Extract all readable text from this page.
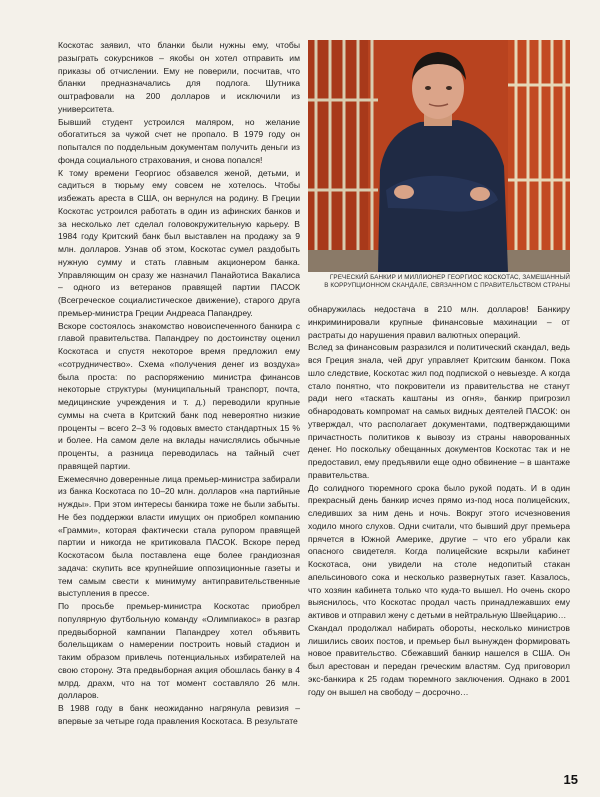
Коскотас заявил, что бланки были нужны ему, чтобы разыграть сокурсников – якобы он хотел отправить им приказы об отчислении. Ему не поверили, посчитав, что бланки предназначались для подлога. Шутника оштрафовали на 200 долларов и исключили из университета.

Бывший студент устроился маляром, но желание обогатиться за чужой счет не пропало. В 1979 году он попытался по поддельным документам получить деньги из фонда социального страхования, и снова попался!

К тому времени Георгиос обзавелся женой, детьми, и садиться в тюрьму ему совсем не хотелось. Чтобы избежать ареста в США, он вернулся на родину. В Греции Коскотас устроился работать в один из афинских банков и за несколько лет сделал головокружительную карьеру. В 1984 году Критский банк был выставлен на продажу за 9 млн. долларов. Узнав об этом, Коскотас сумел раздобыть нужную сумму и стать главным акционером банка. Управляющим он сразу же назначил Панайотиса Вакалиса – одного из ветеранов правящей партии ПАСОК (Всегреческое социалистическое движение), старого друга премьер-министра Греции Андреаса Папандреу.

Вскоре состоялось знакомство новоиспеченного банкира с главой правительства. Папандреу по достоинству оценил Коскотаса и спустя некоторое время предложил ему «сотрудничество». Схема «получения денег из воздуха» была проста: по распоряжению министра финансов некоторые структуры (муниципальный транспорт, почта, медицинские учреждения и т. д.) переводили крупные суммы на счета в Критский банк под невероятно низкие проценты – всего 2–3 % годовых вместо стандартных 15 % и более. На самом деле на вклады начислялись обычные проценты, а разница переводилась на тайный счет правящей партии.

Ежемесячно доверенные лица премьер-министра забирали из банка Коскотаса по 10–20 млн. долларов «на партийные нужды». При этом интересы банкира тоже не были забыты. Не без поддержки власти имущих он приобрел компанию «Грамми», которая фактически стала рупором правящей партии и никогда не критиковала ПАСОК. Вскоре перед Коскотасом была поставлена еще более грандиозная задача: скупить все крупнейшие оппозиционные газеты и тем самым свести к минимуму антиправительственные выступления в прессе.

По просьбе премьер-министра Коскотас приобрел популярную футбольную команду «Олимпиакос» в разгар предвыборной кампании Папандреу хотел объявить болельщикам о намерении построить новый стадион и таким образом привлечь потенциальных избирателей на свою сторону. Эта предвыборная акция обошлась банку в 4 млрд. драхм, что на тот момент составляло 26 млн. долларов.

В 1988 году в банк неожиданно нагрянула ревизия – впервые за четыре года правления Коскотаса. В результате

ГРЕЧЕСКИЙ БАНКИР И МИЛЛИОНЕР ГЕОРГИОС КОСКОТАС, ЗАМЕШАННЫЙ
В КОРРУПЦИОННОМ СКАНДАЛЕ, СВЯЗАННОМ С ПРАВИТЕЛЬСТВОМ СТРАНЫ

обнаружилась недостача в 210 млн. долларов! Банкиру инкриминировали крупные финансовые махинации – от растраты до нарушения правил валютных операций.

Вслед за финансовым разразился и политический скандал, ведь вся Греция знала, чей друг управляет Критским банком. Пока шло следствие, Коскотас жил под подпиской о невыезде. А когда стало понятно, что покровители из правительства не станут ради него «таскать каштаны из огня», банкир пригрозил обнародовать компромат на самых видных деятелей ПАСОК: он утверждал, что располагает документами, подтверждающими причастность политиков к вывозу из страны наворованных денег. Но поскольку обещанных документов Коскотас так и не предоставил, ему предъявили еще одно обвинение – в шантаже правительства.

До солидного тюремного срока было рукой подать. И в один прекрасный день банкир исчез прямо из-под носа полицейских, следивших за ним день и ночь. Вокруг этого исчезновения ходило много слухов. Одни считали, что бывший друг премьера прячется в Южной Америке, другие – что его убрали как опасного свидетеля. Когда полицейские вскрыли кабинет Коскотаса, они увидели на столе недопитый стакан апельсинового сока и несколько развернутых газет. Казалось, что хозяин кабинета только что куда-то вышел. Но очень скоро выяснилось, что Коскотас продал часть принадлежавших ему активов и отправил жену с детьми в нейтральную Швейцарию…

Скандал продолжал набирать обороты, несколько министров лишились своих постов, и премьер был вынужден формировать новое правительство. Сбежавший банкир нашелся в США. Он был арестован и передан греческим властям. Суд приговорил экс-банкира к 25 годам тюремного заключения. Однако в 2001 году он вышел на свободу – досрочно…

15
